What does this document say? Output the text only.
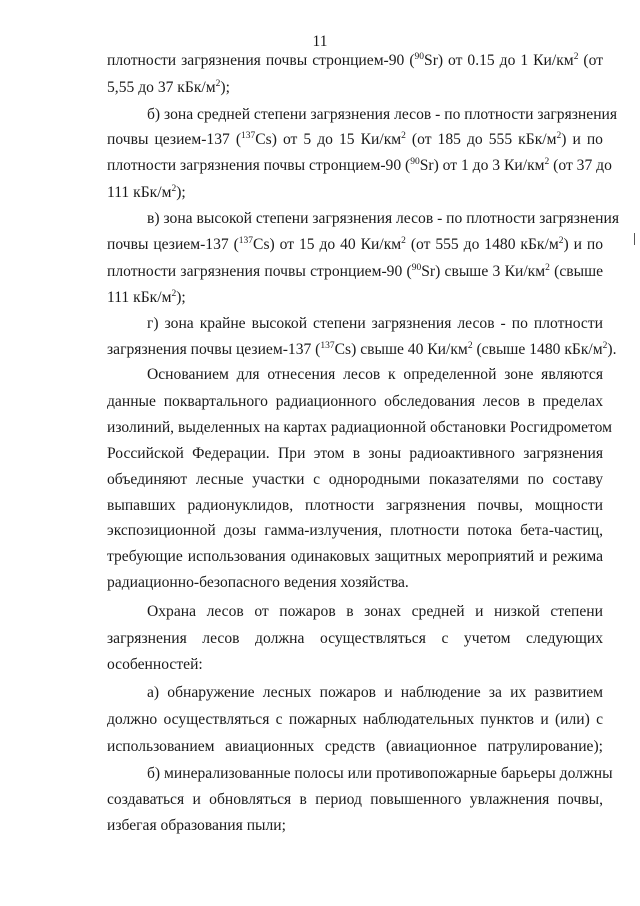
11
плотности загрязнения почвы стронцием-90 ($^{90}$Sr) от 0.15 до 1 $Ки/км^2$ (от
5,55 до 37 кБк/$м^2$);
б) зона средней степени загрязнения лесов - по плотности загрязнения
почвы цезием-137 ($^{137}$Cs) от 5 до 15 $Ки/км^2$ (от 185 до 555 кБк/$м^2$) и по
плотности загрязнения почвы стронцием-90 ($^{90}$Sr) от 1 до 3 $Ки/км^2$ (от 37 до
111 кБк/$м^2$);
в) зона высокой степени загрязнения лесов - по плотности загрязнения
почвы цезием-137 ($^{137}$Cs) от 15 до 40 $Ки/км^2$ (от 555 до 1480 кБк/$м^2$) и по
плотности загрязнения почвы стронцием-90 ($^{90}$Sr) свыше 3 $Ки/км^2$ (свыше
111 кБк/$м^2$);
г) зона крайне высокой степени загрязнения лесов - по плотности
загрязнения почвы цезием-137 ($^{137}$Cs) свыше 40 $Ки/км^2$ (свыше 1480 кБк/$м^2$).
Основанием для отнесения лесов к определенной зоне являются
данные поквартального радиационного обследования лесов в пределах
изолиний, выделенных на картах радиационной обстановки Росгидрометом
Российской Федерации. При этом в зоны радиоактивного загрязнения
объединяют лесные участки с однородными показателями по составу
выпавших радионуклидов, плотности загрязнения почвы, мощности
экспозиционной дозы гамма-излучения, плотности потока бета-частиц,
требующие использования одинаковых защитных мероприятий и режима
радиационно-безопасного ведения хозяйства.
Охрана лесов от пожаров в зонах средней и низкой степени
загрязнения лесов должна осуществляться с учетом следующих
особенностей:
а) обнаружение лесных пожаров и наблюдение за их развитием
должно осуществляться с пожарных наблюдательных пунктов и (или) с
использованием авиационных средств (авиационное патрулирование);
б) минерализованные полосы или противопожарные барьеры должны
создаваться и обновляться в период повышенного увлажнения почвы,
избегая образования пыли;
